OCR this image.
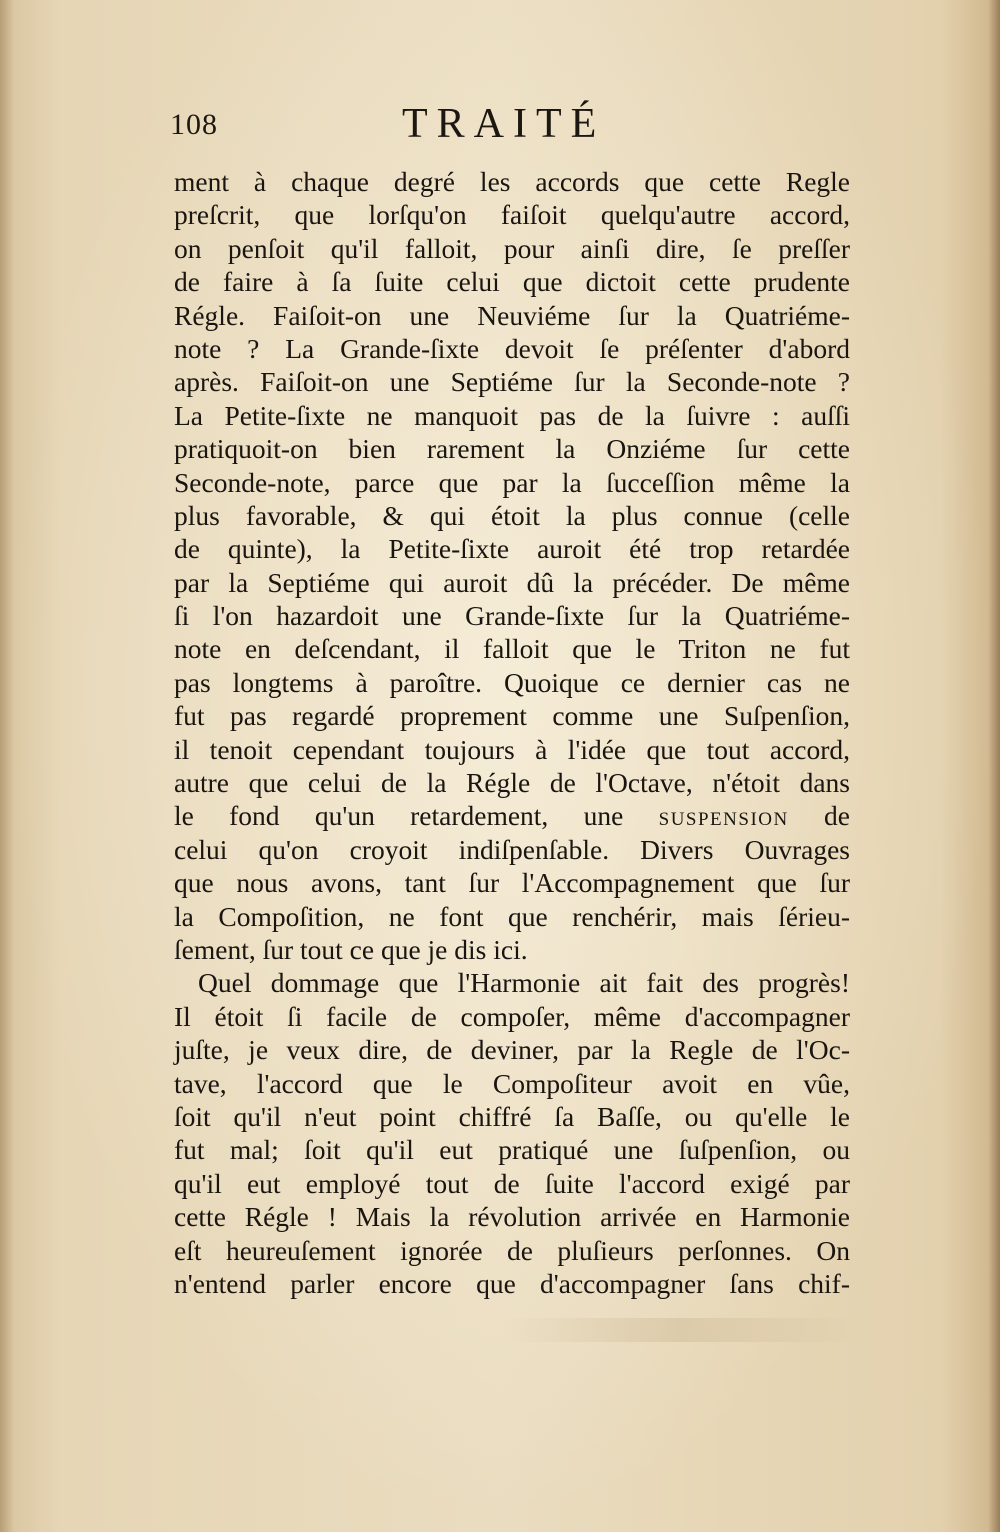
108	TRAITÉ
ment à chaque degré les accords que cette Regle
preſcrit, que lorſqu'on faiſoit quelqu'autre accord,
on penſoit qu'il falloit, pour ainſi dire, ſe preſſer
de faire à ſa ſuite celui que dictoit cette prudente
Régle. Faiſoit-on une Neuviéme ſur la Quatriéme-
note ? La Grande-ſixte devoit ſe préſenter d'abord
après. Faiſoit-on une Septiéme ſur la Seconde-note ?
La Petite-ſixte ne manquoit pas de la ſuivre : auſſi
pratiquoit-on bien rarement la Onziéme ſur cette
Seconde-note, parce que par la ſucceſſion même la
plus favorable, & qui étoit la plus connue (celle
de quinte), la Petite-ſixte auroit été trop retardée
par la Septiéme qui auroit dû la précéder. De même
ſi l'on hazardoit une Grande-ſixte ſur la Quatriéme-
note en deſcendant, il falloit que le Triton ne fut
pas longtems à paroître. Quoique ce dernier cas ne
fut pas regardé proprement comme une Suſpenſion,
il tenoit cependant toujours à l'idée que tout accord,
autre que celui de la Régle de l'Octave, n'étoit dans
le fond qu'un retardement, une suspension de
celui qu'on croyoit indiſpenſable. Divers Ouvrages
que nous avons, tant ſur l'Accompagnement que ſur
la Compoſition, ne font que renchérir, mais ſérieu-
ſement, ſur tout ce que je dis ici.
Quel dommage que l'Harmonie ait fait des progrès!
Il étoit ſi facile de compoſer, même d'accompagner
juſte, je veux dire, de deviner, par la Regle de l'Oc-
tave, l'accord que le Compoſiteur avoit en vûe,
ſoit qu'il n'eut point chiffré ſa Baſſe, ou qu'elle le
fut mal; ſoit qu'il eut pratiqué une ſuſpenſion, ou
qu'il eut employé tout de ſuite l'accord exigé par
cette Régle ! Mais la révolution arrivée en Harmonie
eſt heureuſement ignorée de pluſieurs perſonnes. On
n'entend parler encore que d'accompagner ſans chif-
